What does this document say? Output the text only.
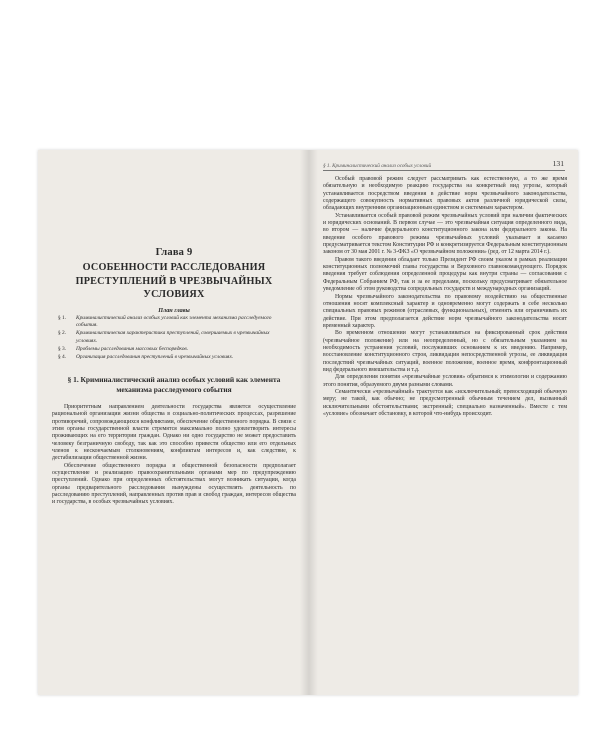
Глава 9
ОСОБЕННОСТИ РАССЛЕДОВАНИЯ ПРЕСТУПЛЕНИЙ В ЧРЕЗВЫЧАЙНЫХ УСЛОВИЯХ
План главы
§ 1. Криминалистический анализ особых условий как элемента механизма расследуемого события.
§ 2. Криминалистическая характеристика преступлений, совершаемых в чрезвычайных условиях.
§ 3. Проблемы расследования массовых беспорядков.
§ 4. Организация расследования преступлений в чрезвычайных условиях.
§ 1. Криминалистический анализ особых условий как элемента механизма расследуемого события

Приоритетным направлением деятельности государства является осуществление рациональной организации жизни общества в социально-политических процессах, разрешение противоречий, сопровождающихся конфликтами, обеспечение общественного порядка. В связи с этим органы государственной власти стремятся максимально полно удовлетворить интересы проживающих на его территории граждан. Однако ни одно государство не может предоставить человеку безграничную свободу, так как это способно привести общество или его отдельных членов к нескончаемым столкновениям, конфликтам интересов и, как следствие, к дестабилизации общественной жизни.

Обеспечение общественного порядка и общественной безопасности предполагает осуществление и реализацию правоохранительными органами мер по предупреждению преступлений. Однако при определенных обстоятельствах могут возникать ситуации, когда органы предварительного расследования вынуждены осуществлять деятельность по расследованию преступлений, направленных против прав и свобод граждан, интересов общества и государства, в особых чрезвычайных условиях.

§ 1. Криминалистический анализ особых условий	131

Особый правовой режим следует рассматривать как естественную, а то же время обязательную и необходимую реакцию государства на конкретный вид угрозы, который устанавливается посредством введения в действие норм чрезвычайного законодательства, содержащего совокупность нормативных правовых актов различной юридической силы, обладающих внутренним организационным единством и системным характером.

Устанавливается особый правовой режим чрезвычайных условий при наличии фактических и юридических оснований. В первом случае — это чрезвычайная ситуация определенного вида, во втором — наличие федерального конституционного закона или федерального закона. На введение особого правового режима чрезвычайных условий указывает и касаемо предусматривается текстом Конституции РФ и конкретизируется Федеральным конституционным законом от 30 мая 2001 г. № 3-ФКЗ «О чрезвычайном положении» (ред. от 12 марта 2014 г.).

Правом такого введения обладает только Президент РФ своим указом в рамках реализации конституционных полномочий главы государства и Верховного главнокомандующего. Порядок введения требует соблюдения определенной процедуры как внутри страны — согласования с Федеральным Собранием РФ, так и за ее пределами, поскольку предусматривает обязательное уведомление об этом руководства сопредельных государств и международных организаций.

Нормы чрезвычайного законодательства по правовому воздействию на общественные отношения носят комплексный характер и одновременно могут содержать в себе несколько специальных правовых режимов (отраслевых, функциональных), отменять или ограничивать их действие. При этом предполагается действие норм чрезвычайного законодательства носит временный характер.

Во временном отношении могут устанавливаться на фиксированный срок действия (чрезвычайное положение) или на неопределенный, но с обязательным указанием на необходимость устранения условий, послуживших основанием к их введению. Например, восстановление конституционного строя, ликвидация непосредственной угрозы, ее ликвидация последствий чрезвычайных ситуаций, военное положение, военное время, конфронтационный вид федерального вмешательства и т.д.

Для определения понятия «чрезвычайные условия» обратимся к этимологии и содержанию этого понятия, образуемого двумя разными словами.

Семантически «чрезвычайный» трактуется как «исключительный; превосходящий обычную меру; не такой, как обычно; не предусмотренный обычным течением дел, вызванный исключительными обстоятельствами; экстренный; специально назначенный». Вместе с тем «условие» обозначает обстановку, в которой что-нибудь происходит.
